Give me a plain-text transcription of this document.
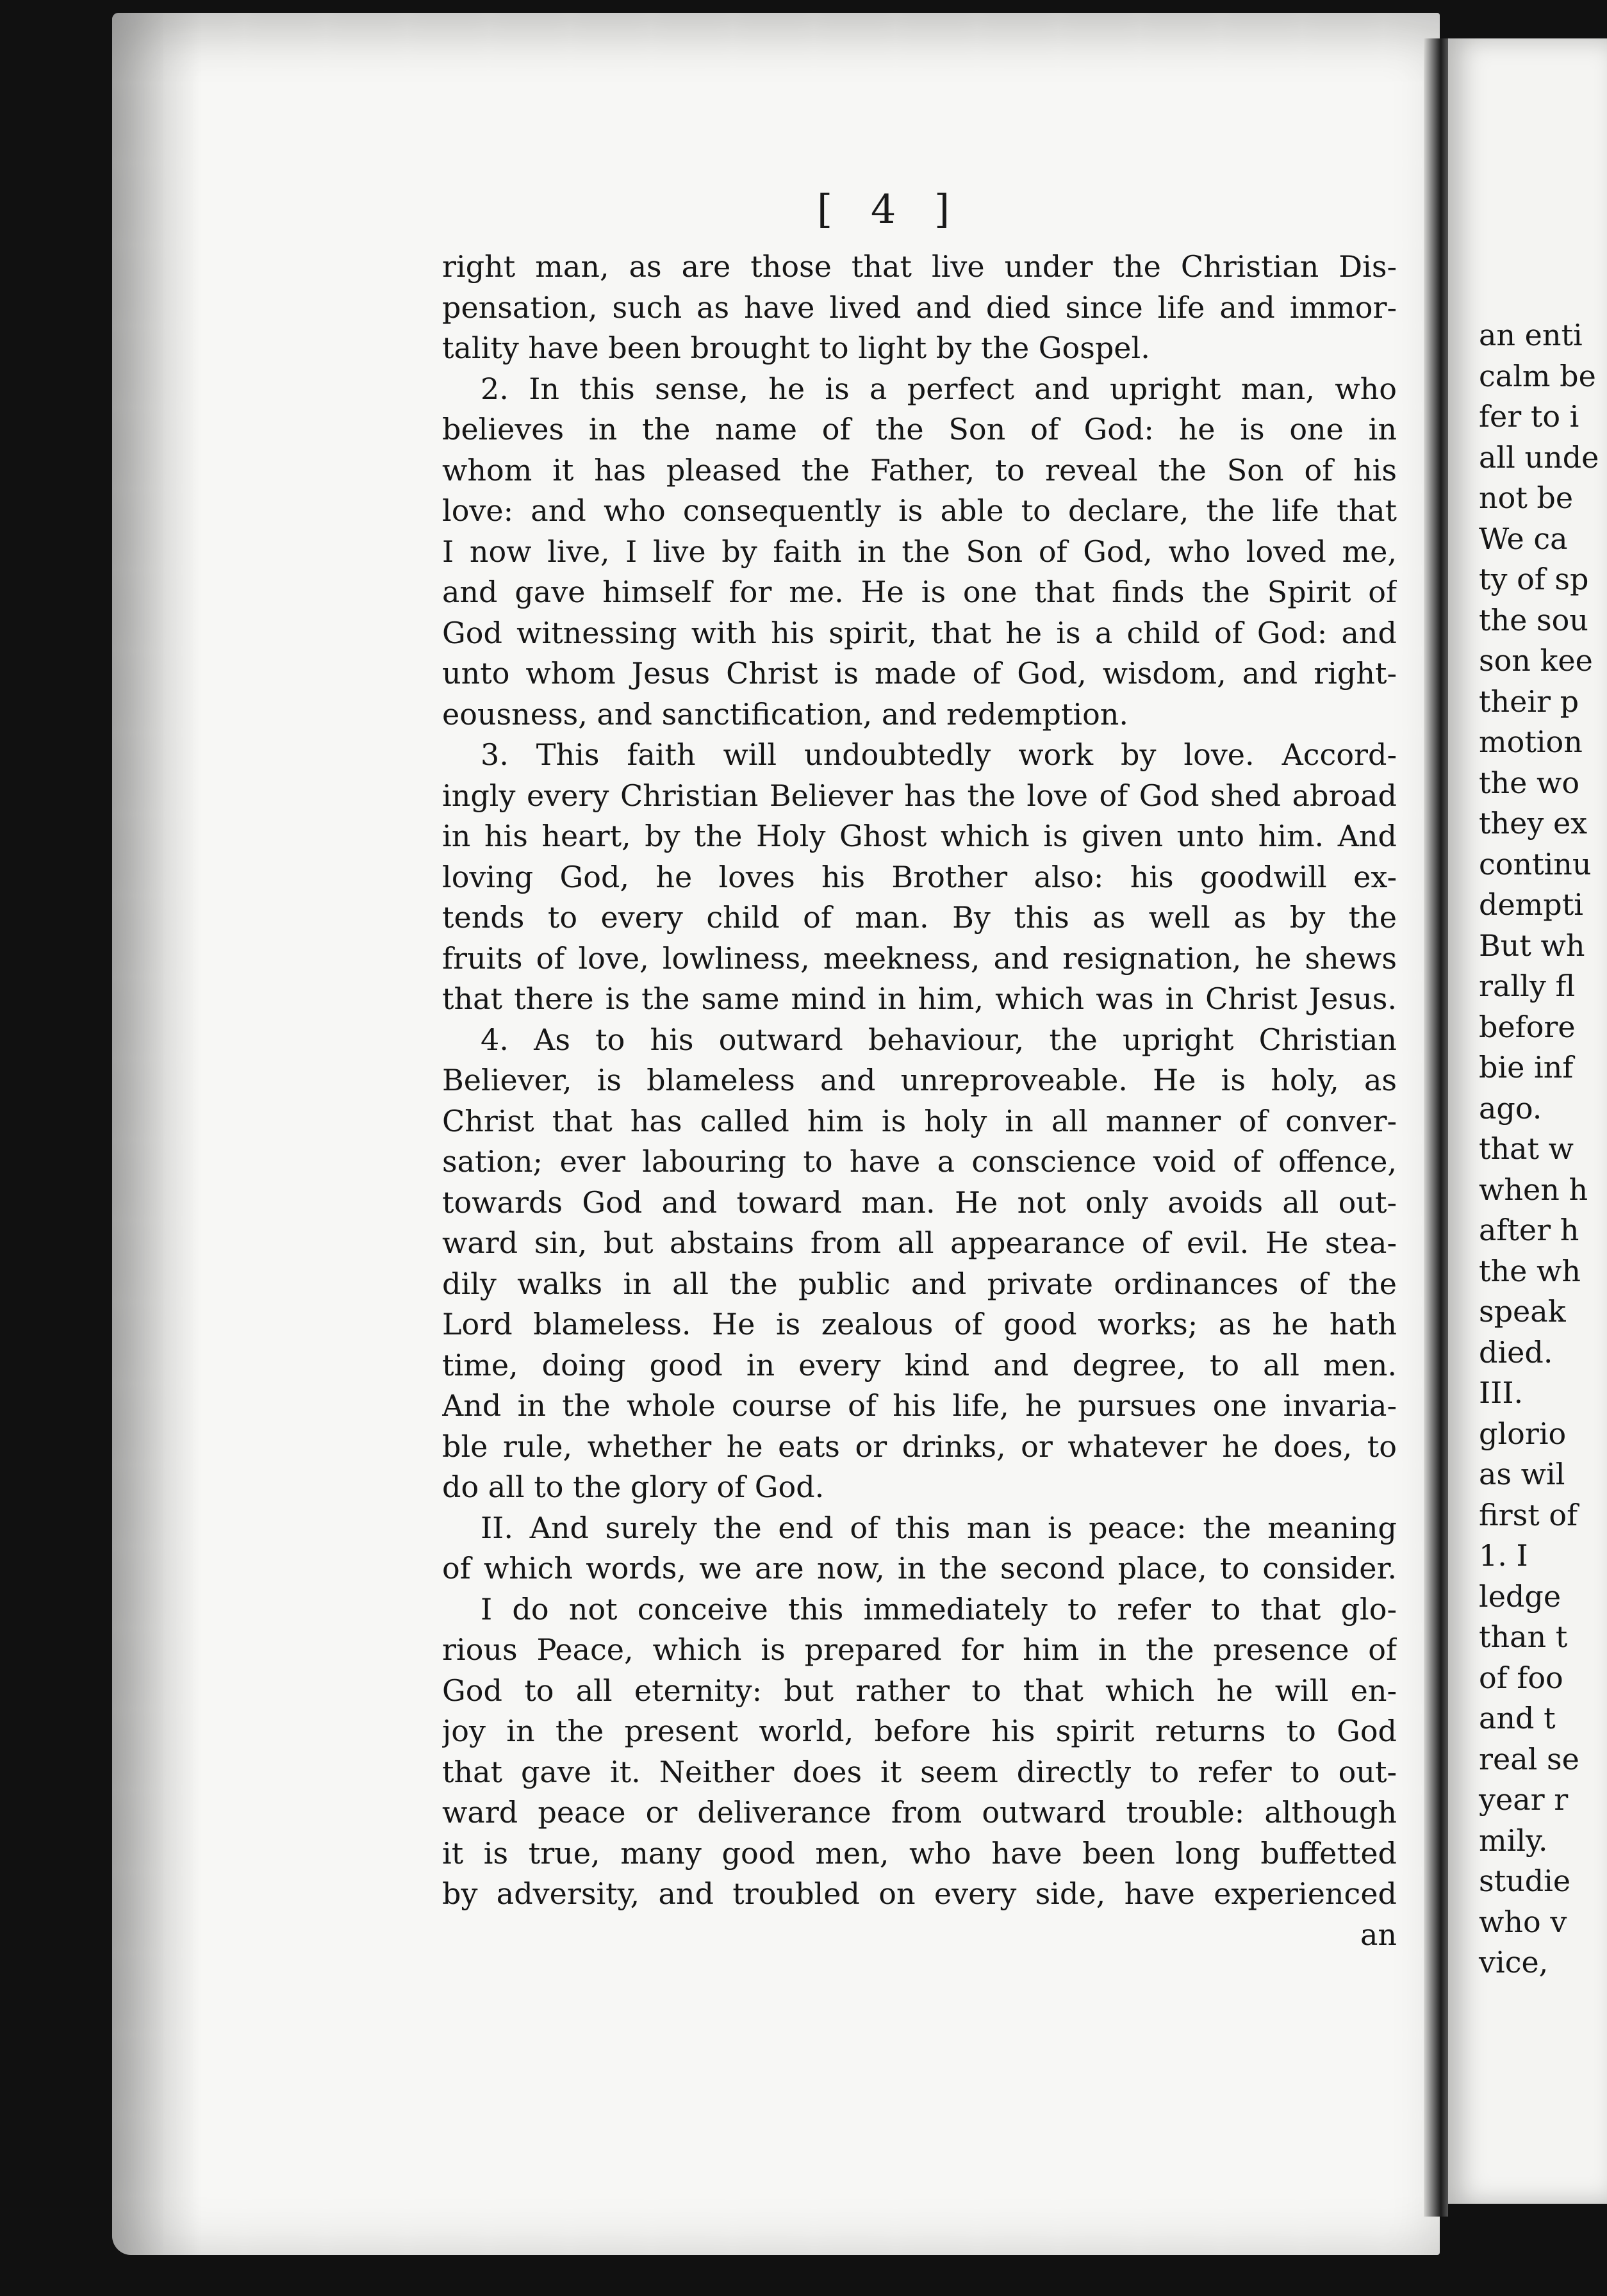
[ 4 ]
right man, as are those that live under the Christian Dis-
pensation, such as have lived and died since life and immor-
tality have been brought to light by the Gospel.
2. In this sense, he is a perfect and upright man, who
believes in the name of the Son of God: he is one in
whom it has pleased the Father, to reveal the Son of his
love: and who consequently is able to declare, the life that
I now live, I live by faith in the Son of God, who loved me,
and gave himself for me. He is one that finds the Spirit of
God witnessing with his spirit, that he is a child of God: and
unto whom Jesus Christ is made of God, wisdom, and right-
eousness, and sanctification, and redemption.
3. This faith will undoubtedly work by love. Accord-
ingly every Christian Believer has the love of God shed abroad
in his heart, by the Holy Ghost which is given unto him. And
loving God, he loves his Brother also: his goodwill ex-
tends to every child of man. By this as well as by the
fruits of love, lowliness, meekness, and resignation, he shews
that there is the same mind in him, which was in Christ Jesus.
4. As to his outward behaviour, the upright Christian
Believer, is blameless and unreproveable. He is holy, as
Christ that has called him is holy in all manner of conver-
sation; ever labouring to have a conscience void of offence,
towards God and toward man. He not only avoids all out-
ward sin, but abstains from all appearance of evil. He stea-
dily walks in all the public and private ordinances of the
Lord blameless. He is zealous of good works; as he hath
time, doing good in every kind and degree, to all men.
And in the whole course of his life, he pursues one invaria-
ble rule, whether he eats or drinks, or whatever he does, to
do all to the glory of God.
II. And surely the end of this man is peace: the meaning
of which words, we are now, in the second place, to consider.
I do not conceive this immediately to refer to that glo-
rious Peace, which is prepared for him in the presence of
God to all eternity: but rather to that which he will en-
joy in the present world, before his spirit returns to God
that gave it. Neither does it seem directly to refer to out-
ward peace or deliverance from outward trouble: although
it is true, many good men, who have been long buffetted
by adversity, and troubled on every side, have experienced
an
an enti
calm be
fer to i
all unde
not be
We ca
ty of sp
the sou
son kee
their p
motion
the wo
they ex
continu
dempti
But wh
rally fl
before
bie inf
ago.
that w
when h
after h
the wh
speak
died.
III.
glorio
as wil
first of
1. I
ledge
than t
of foo
and t
real se
year r
mily.
studie
who v
vice,
